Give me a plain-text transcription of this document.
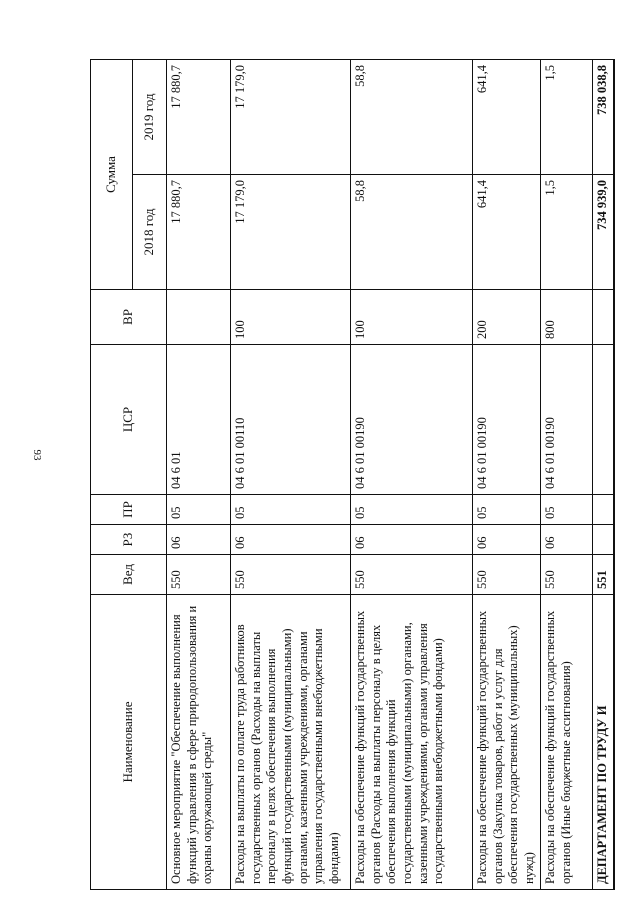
93
Наименование	Вед	РЗ	ПР	ЦСР	ВР	Сумма	
						2018 год	2019 год
Основное мероприятие "Обеспечение выполнения функций управления в сфере природопользования и охраны окружающей среды"	550	06	05	04 6 01		17 880,7	17 880,7
Расходы на выплаты по оплате труда работников государственных органов (Расходы на выплаты персоналу в целях обеспечения выполнения функций государственными (муниципальными) органами, казенными учреждениями, органами управления государственными внебюджетными фондами)	550	06	05	04 6 01 00110	100	17 179,0	17 179,0
Расходы на обеспечение функций государственных органов (Расходы на выплаты персоналу в целях обеспечения выполнения функций государственными (муниципальными) органами, казенными учреждениями, органами управления государственными внебюджетными фондами)	550	06	05	04 6 01 00190	100	58,8	58,8
Расходы на обеспечение функций государственных органов (Закупка товаров, работ и услуг для обеспечения государственных (муниципальных) нужд)	550	06	05	04 6 01 00190	200	641,4	641,4
Расходы на обеспечение функций государственных органов (Иные бюджетные ассигнования)	550	06	05	04 6 01 00190	800	1,5	1,5
ДЕПАРТАМЕНТ ПО ТРУДУ И	551					734 939,0	738 038,8
